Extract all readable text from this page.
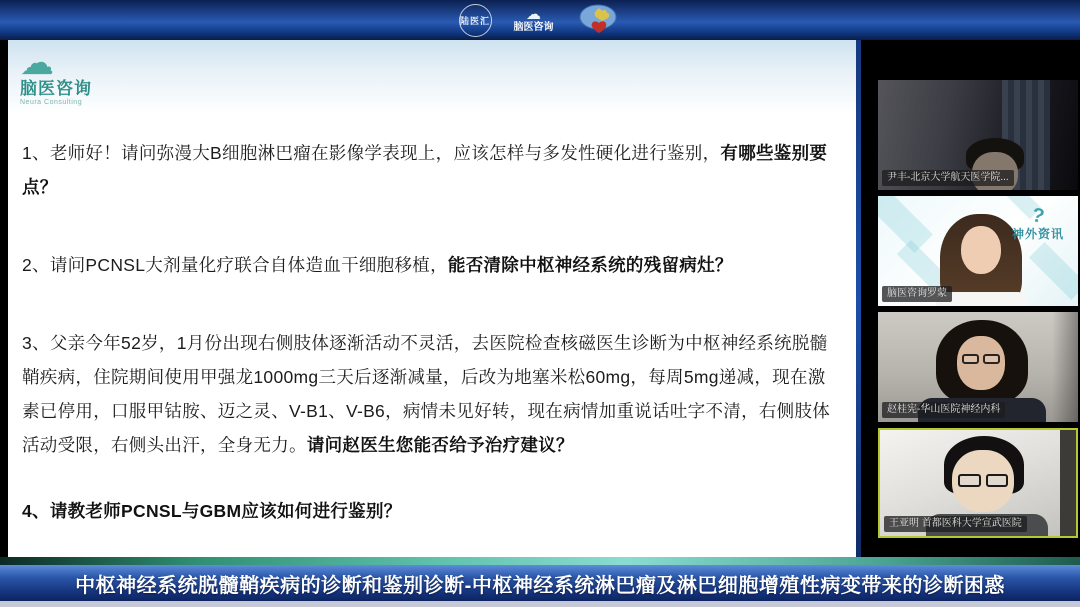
陆医汇 ☁
脑医咨询
☁
脑医咨询
Neura Consulting

1、老师好！请问弥漫大B细胞淋巴瘤在影像学表现上，应该怎样与多发性硬化进行鉴别，有哪些鉴别要点？

2、请问PCNSL大剂量化疗联合自体造血干细胞移植，能否清除中枢神经系统的残留病灶？

3、父亲今年52岁，1月份出现右侧肢体逐渐活动不灵活，去医院检查核磁医生诊断为中枢神经系统脱髓鞘疾病，住院期间使用甲强龙1000mg三天后逐渐减量，后改为地塞米松60mg，每周5mg递减，现在激素已停用，口服甲钴胺、迈之灵、V-B1、V-B6，病情未见好转，现在病情加重说话吐字不清，右侧肢体活动受限，右侧头出汗，全身无力。请问赵医生您能否给予治疗建议？

4、请教老师PCNSL与GBM应该如何进行鉴别？

尹丰-北京大学航天医学院...
?
神外资讯
脑医咨询罗蒙
赵桂宪-华山医院神经内科
王亚明 首都医科大学宣武医院
中枢神经系统脱髓鞘疾病的诊断和鉴别诊断-中枢神经系统淋巴瘤及淋巴细胞增殖性病变带来的诊断困惑
